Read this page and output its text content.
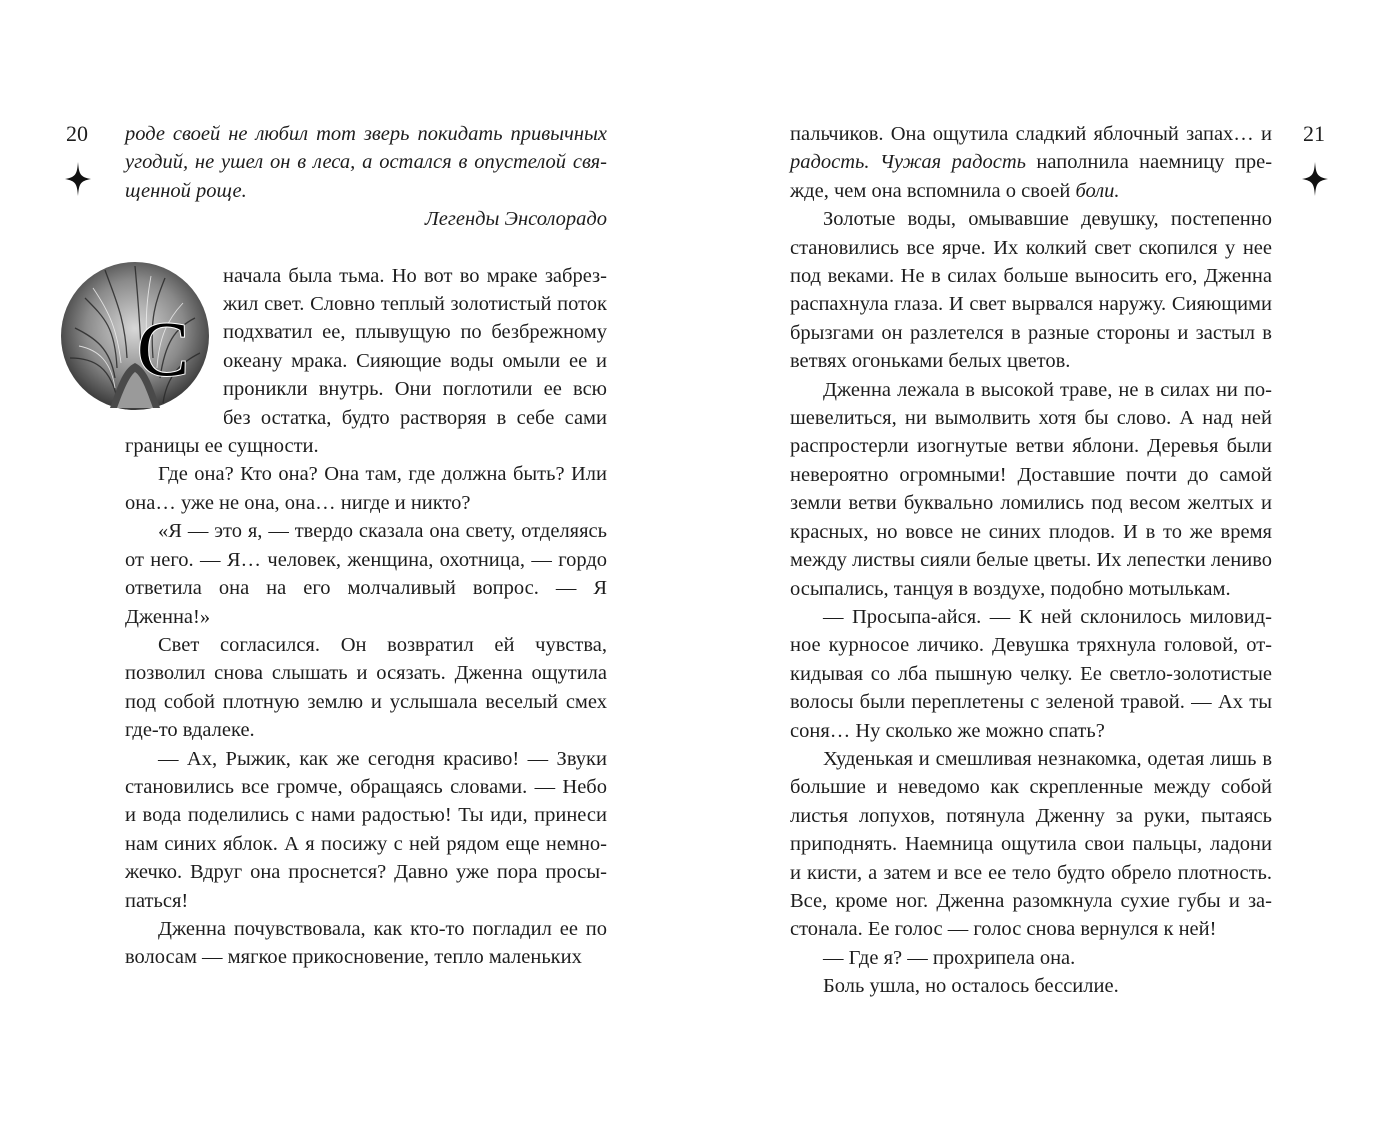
20 роде своей не любил тот зверь покидать привычных угодий, не ушел он в леса, а остался в опустелой священной роще.

Легенды Энсолорадо

С
начала была тьма. Но вот во мраке забрезжил свет. Словно теплый золотистый поток подхватил ее, плывущую по безбрежному океану мрака. Сияющие воды омыли ее и проникли внутрь. Они поглотили ее всю без остатка, будто растворяя в себе сами границы ее сущности.

Где она? Кто она? Она там, где должна быть? Или она… уже не она, она… нигде и никто?

«Я — это я, — твердо сказала она свету, отделяясь от него. — Я… человек, женщина, охотница, — гордо ответила она на его молчаливый вопрос. — Я Дженна!»

Свет согласился. Он возвратил ей чувства, позволил снова слышать и осязать. Дженна ощутила под собой плотную землю и услышала веселый смех где-то вдалеке.

— Ах, Рыжик, как же сегодня красиво! — Звуки становились все громче, обращаясь словами. — Небо и вода поделились с нами радостью! Ты иди, принеси нам синих яблок. А я посижу с ней рядом еще немножечко. Вдруг она проснется? Давно уже пора просыпаться!

Дженна почувствовала, как кто-то погладил ее по волосам — мягкое прикосновение, тепло маленьких

21

пальчиков. Она ощутила сладкий яблочный запах… и радость. Чужая радость наполнила наемницу прежде, чем она вспомнила о своей боли.

Золотые воды, омывавшие девушку, постепенно становились все ярче. Их колкий свет скопился у нее под веками. Не в силах больше выносить его, Дженна распахнула глаза. И свет вырвался наружу. Сияющими брызгами он разлетелся в разные стороны и застыл в ветвях огоньками белых цветов.

Дженна лежала в высокой траве, не в силах ни пошевелиться, ни вымолвить хотя бы слово. А над ней распростерли изогнутые ветви яблони. Деревья были невероятно огромными! Доставшие почти до самой земли ветви буквально ломились под весом желтых и красных, но вовсе не синих плодов. И в то же время между листвы сияли белые цветы. Их лепестки лениво осыпались, танцуя в воздухе, подобно мотылькам.

— Просыпа-айся. — К ней склонилось миловидное курносое личико. Девушка тряхнула головой, откидывая со лба пышную челку. Ее светло-золотистые волосы были переплетены с зеленой травой. — Ах ты соня… Ну сколько же можно спать?

Худенькая и смешливая незнакомка, одетая лишь в большие и неведомо как скрепленные между собой листья лопухов, потянула Дженну за руки, пытаясь приподнять. Наемница ощутила свои пальцы, ладони и кисти, а затем и все ее тело будто обрело плотность. Все, кроме ног. Дженна разомкнула сухие губы и застонала. Ее голос — голос снова вернулся к ней!

— Где я? — прохрипела она.

Боль ушла, но осталось бессилие.
